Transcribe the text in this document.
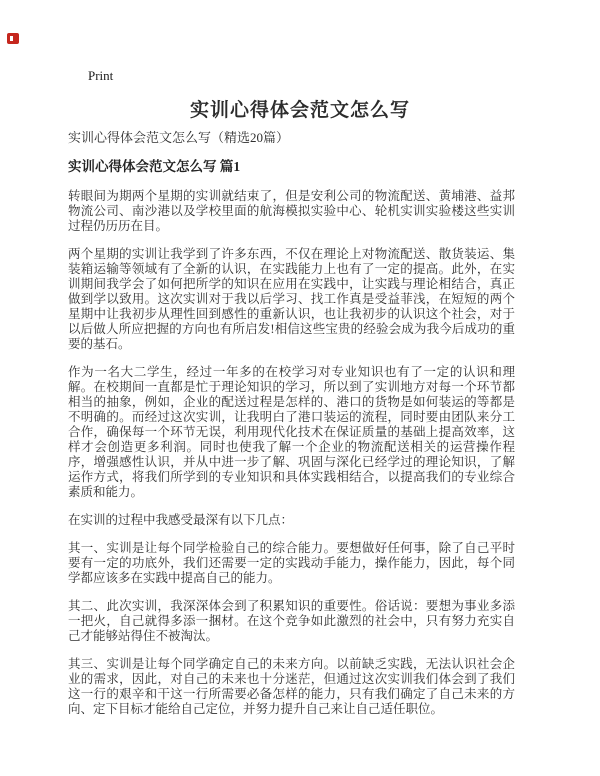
Print
实训心得体会范文怎么写

实训心得体会范文怎么写（精选20篇）

实训心得体会范文怎么写 篇1

转眼间为期两个星期的实训就结束了，但是安利公司的物流配送、黄埔港、益邦物流公司、南沙港以及学校里面的航海模拟实验中心、轮机实训实验楼这些实训过程仍历历在目。

两个星期的实训让我学到了许多东西，不仅在理论上对物流配送、散货装运、集装箱运输等领域有了全新的认识，在实践能力上也有了一定的提高。此外，在实训期间我学会了如何把所学的知识在应用在实践中，让实践与理论相结合，真正做到学以致用。这次实训对于我以后学习、找工作真是受益菲浅，在短短的两个星期中让我初步从理性回到感性的重新认识，也让我初步的认识这个社会，对于以后做人所应把握的方向也有所启发!相信这些宝贵的经验会成为我今后成功的重要的基石。

作为一名大二学生，经过一年多的在校学习对专业知识也有了一定的认识和理解。在校期间一直都是忙于理论知识的学习，所以到了实训地方对每一个环节都相当的抽象，例如，企业的配送过程是怎样的、港口的货物是如何装运的等都是不明确的。而经过这次实训，让我明白了港口装运的流程，同时要由团队来分工合作，确保每一个环节无误，利用现代化技术在保证质量的基础上提高效率，这样才会创造更多利润。同时也使我了解一个企业的物流配送相关的运营操作程序，增强感性认识，并从中进一步了解、巩固与深化已经学过的理论知识，了解运作方式，将我们所学到的专业知识和具体实践相结合，以提高我们的专业综合素质和能力。

在实训的过程中我感受最深有以下几点：

其一、实训是让每个同学检验自己的综合能力。要想做好任何事，除了自己平时要有一定的功底外，我们还需要一定的实践动手能力，操作能力，因此，每个同学都应该多在实践中提高自己的能力。

其二、此次实训，我深深体会到了积累知识的重要性。俗话说：要想为事业多添一把火，自己就得多添一捆材。在这个竞争如此激烈的社会中，只有努力充实自己才能够站得住不被淘汰。

其三、实训是让每个同学确定自己的未来方向。以前缺乏实践，无法认识社会企业的需求，因此，对自己的未来也十分迷茫，但通过这次实训我们体会到了我们这一行的艰辛和干这一行所需要必备怎样的能力，只有我们确定了自己未来的方向、定下目标才能给自己定位，并努力提升自己来让自己适任职位。
